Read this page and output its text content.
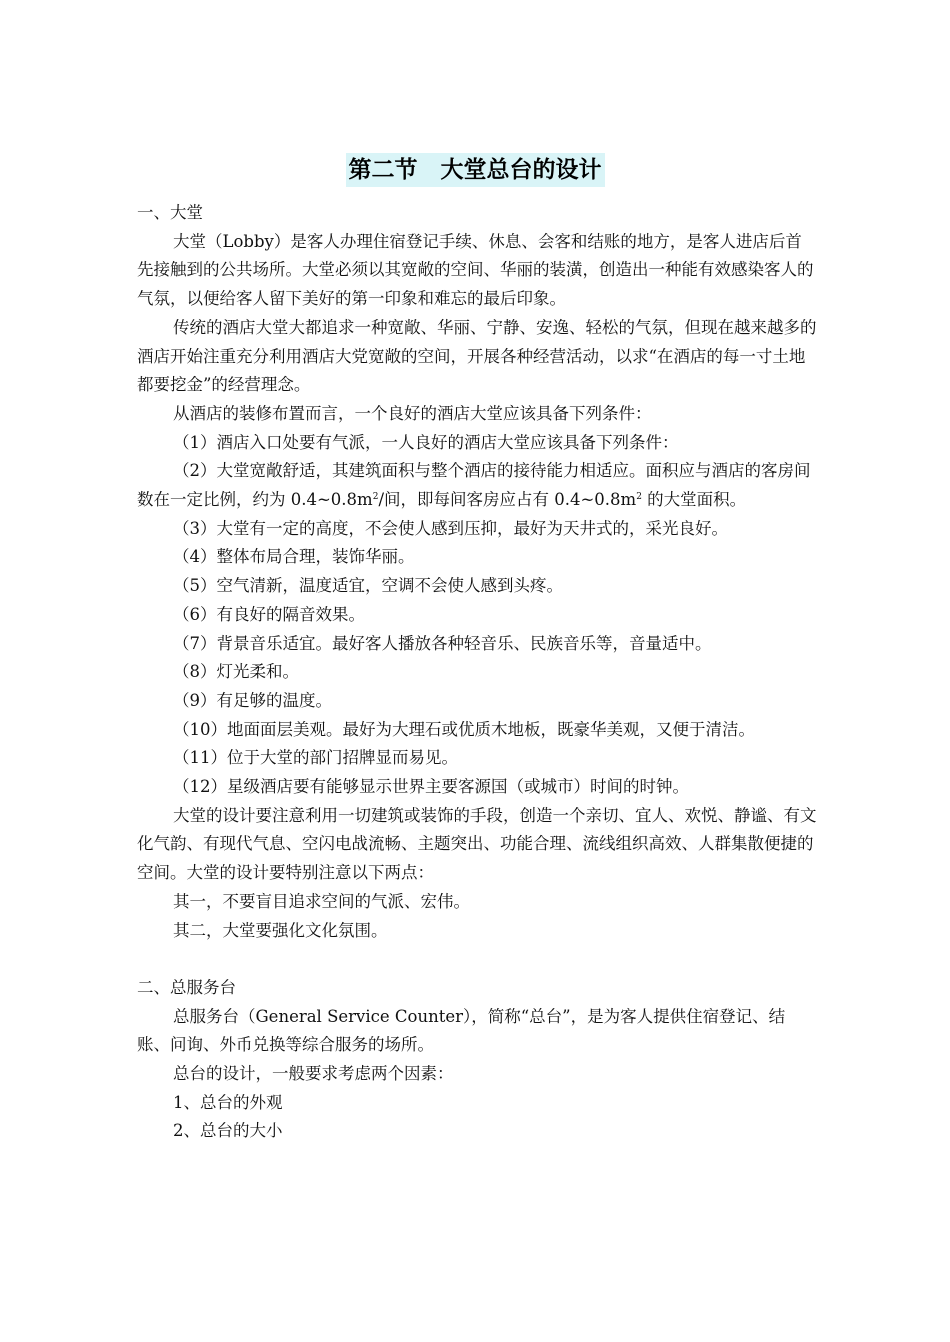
第二节　大堂总台的设计

一、大堂

大堂（Lobby）是客人办理住宿登记手续、休息、会客和结账的地方，是客人进店后首先接触到的公共场所。大堂必须以其宽敞的空间、华丽的装潢，创造出一种能有效感染客人的气氛，以便给客人留下美好的第一印象和难忘的最后印象。

传统的酒店大堂大都追求一种宽敞、华丽、宁静、安逸、轻松的气氛，但现在越来越多的酒店开始注重充分利用酒店大党宽敞的空间，开展各种经营活动，以求“在酒店的每一寸土地都要挖金”的经营理念。

从酒店的装修布置而言，一个良好的酒店大堂应该具备下列条件：

（1）酒店入口处要有气派，一人良好的酒店大堂应该具备下列条件：

（2）大堂宽敞舒适，其建筑面积与整个酒店的接待能力相适应。面积应与酒店的客房间数在一定比例，约为 $0.4\sim 0.8m^2/$间，即每间客房应占有 $0.4\sim 0.8m^2$ 的大堂面积。

（3）大堂有一定的高度，不会使人感到压抑，最好为天井式的，采光良好。

（4）整体布局合理，装饰华丽。

（5）空气清新，温度适宜，空调不会使人感到头疼。

（6）有良好的隔音效果。

（7）背景音乐适宜。最好客人播放各种轻音乐、民族音乐等，音量适中。

（8）灯光柔和。

（9）有足够的温度。

（10）地面面层美观。最好为大理石或优质木地板，既豪华美观，又便于清洁。

（11）位于大堂的部门招牌显而易见。

（12）星级酒店要有能够显示世界主要客源国（或城市）时间的时钟。

大堂的设计要注意利用一切建筑或装饰的手段，创造一个亲切、宜人、欢悦、静谧、有文化气韵、有现代气息、空闪电战流畅、主题突出、功能合理、流线组织高效、人群集散便捷的空间。大堂的设计要特别注意以下两点：

其一，不要盲目追求空间的气派、宏伟。

其二，大堂要强化文化氛围。

二、总服务台

总服务台（General Service Counter），简称“总台”，是为客人提供住宿登记、结账、问询、外币兑换等综合服务的场所。

总台的设计，一般要求考虑两个因素：

1、总台的外观

2、总台的大小
